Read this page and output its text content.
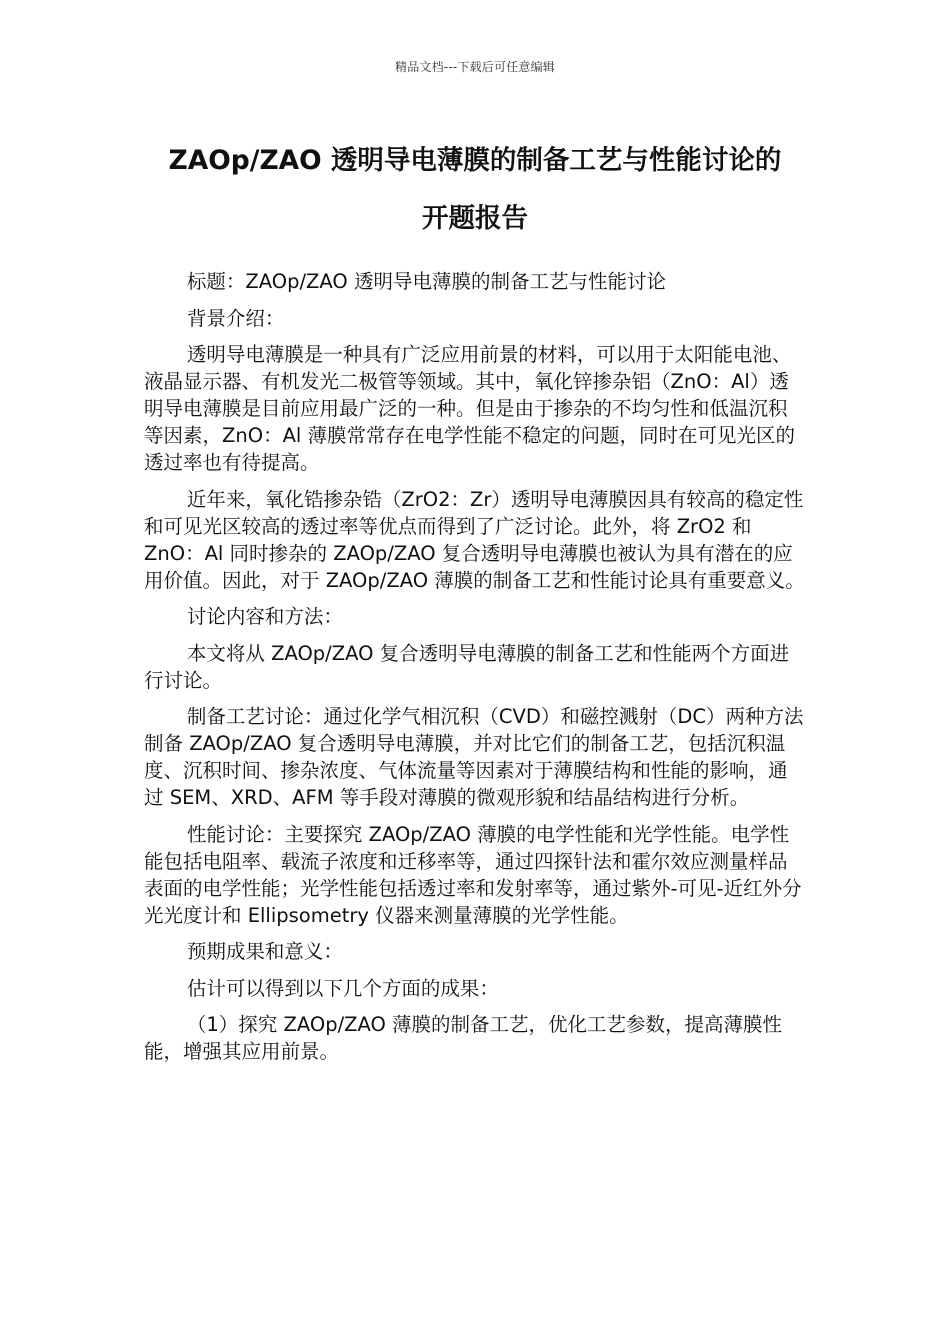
精品文档---下载后可任意编辑
ZAOp/ZAO 透明导电薄膜的制备工艺与性能讨论的
开题报告

标题：ZAOp/ZAO 透明导电薄膜的制备工艺与性能讨论

背景介绍：

透明导电薄膜是一种具有广泛应用前景的材料，可以用于太阳能电池、液晶显示器、有机发光二极管等领域。其中，氧化锌掺杂铝（ZnO：Al）透明导电薄膜是目前应用最广泛的一种。但是由于掺杂的不均匀性和低温沉积等因素，ZnO：Al 薄膜常常存在电学性能不稳定的问题，同时在可见光区的透过率也有待提高。

近年来，氧化锆掺杂锆（ZrO2：Zr）透明导电薄膜因具有较高的稳定性和可见光区较高的透过率等优点而得到了广泛讨论。此外，将 ZrO2 和 ZnO：Al 同时掺杂的 ZAOp/ZAO 复合透明导电薄膜也被认为具有潜在的应用价值。因此，对于 ZAOp/ZAO 薄膜的制备工艺和性能讨论具有重要意义。

讨论内容和方法：

本文将从 ZAOp/ZAO 复合透明导电薄膜的制备工艺和性能两个方面进行讨论。

制备工艺讨论：通过化学气相沉积（CVD）和磁控溅射（DC）两种方法制备 ZAOp/ZAO 复合透明导电薄膜，并对比它们的制备工艺，包括沉积温度、沉积时间、掺杂浓度、气体流量等因素对于薄膜结构和性能的影响，通过 SEM、XRD、AFM 等手段对薄膜的微观形貌和结晶结构进行分析。

性能讨论：主要探究 ZAOp/ZAO 薄膜的电学性能和光学性能。电学性能包括电阻率、载流子浓度和迁移率等，通过四探针法和霍尔效应测量样品表面的电学性能；光学性能包括透过率和发射率等，通过紫外-可见-近红外分光光度计和 Ellipsometry 仪器来测量薄膜的光学性能。

预期成果和意义：

估计可以得到以下几个方面的成果：

（1）探究 ZAOp/ZAO 薄膜的制备工艺，优化工艺参数，提高薄膜性能，增强其应用前景。
